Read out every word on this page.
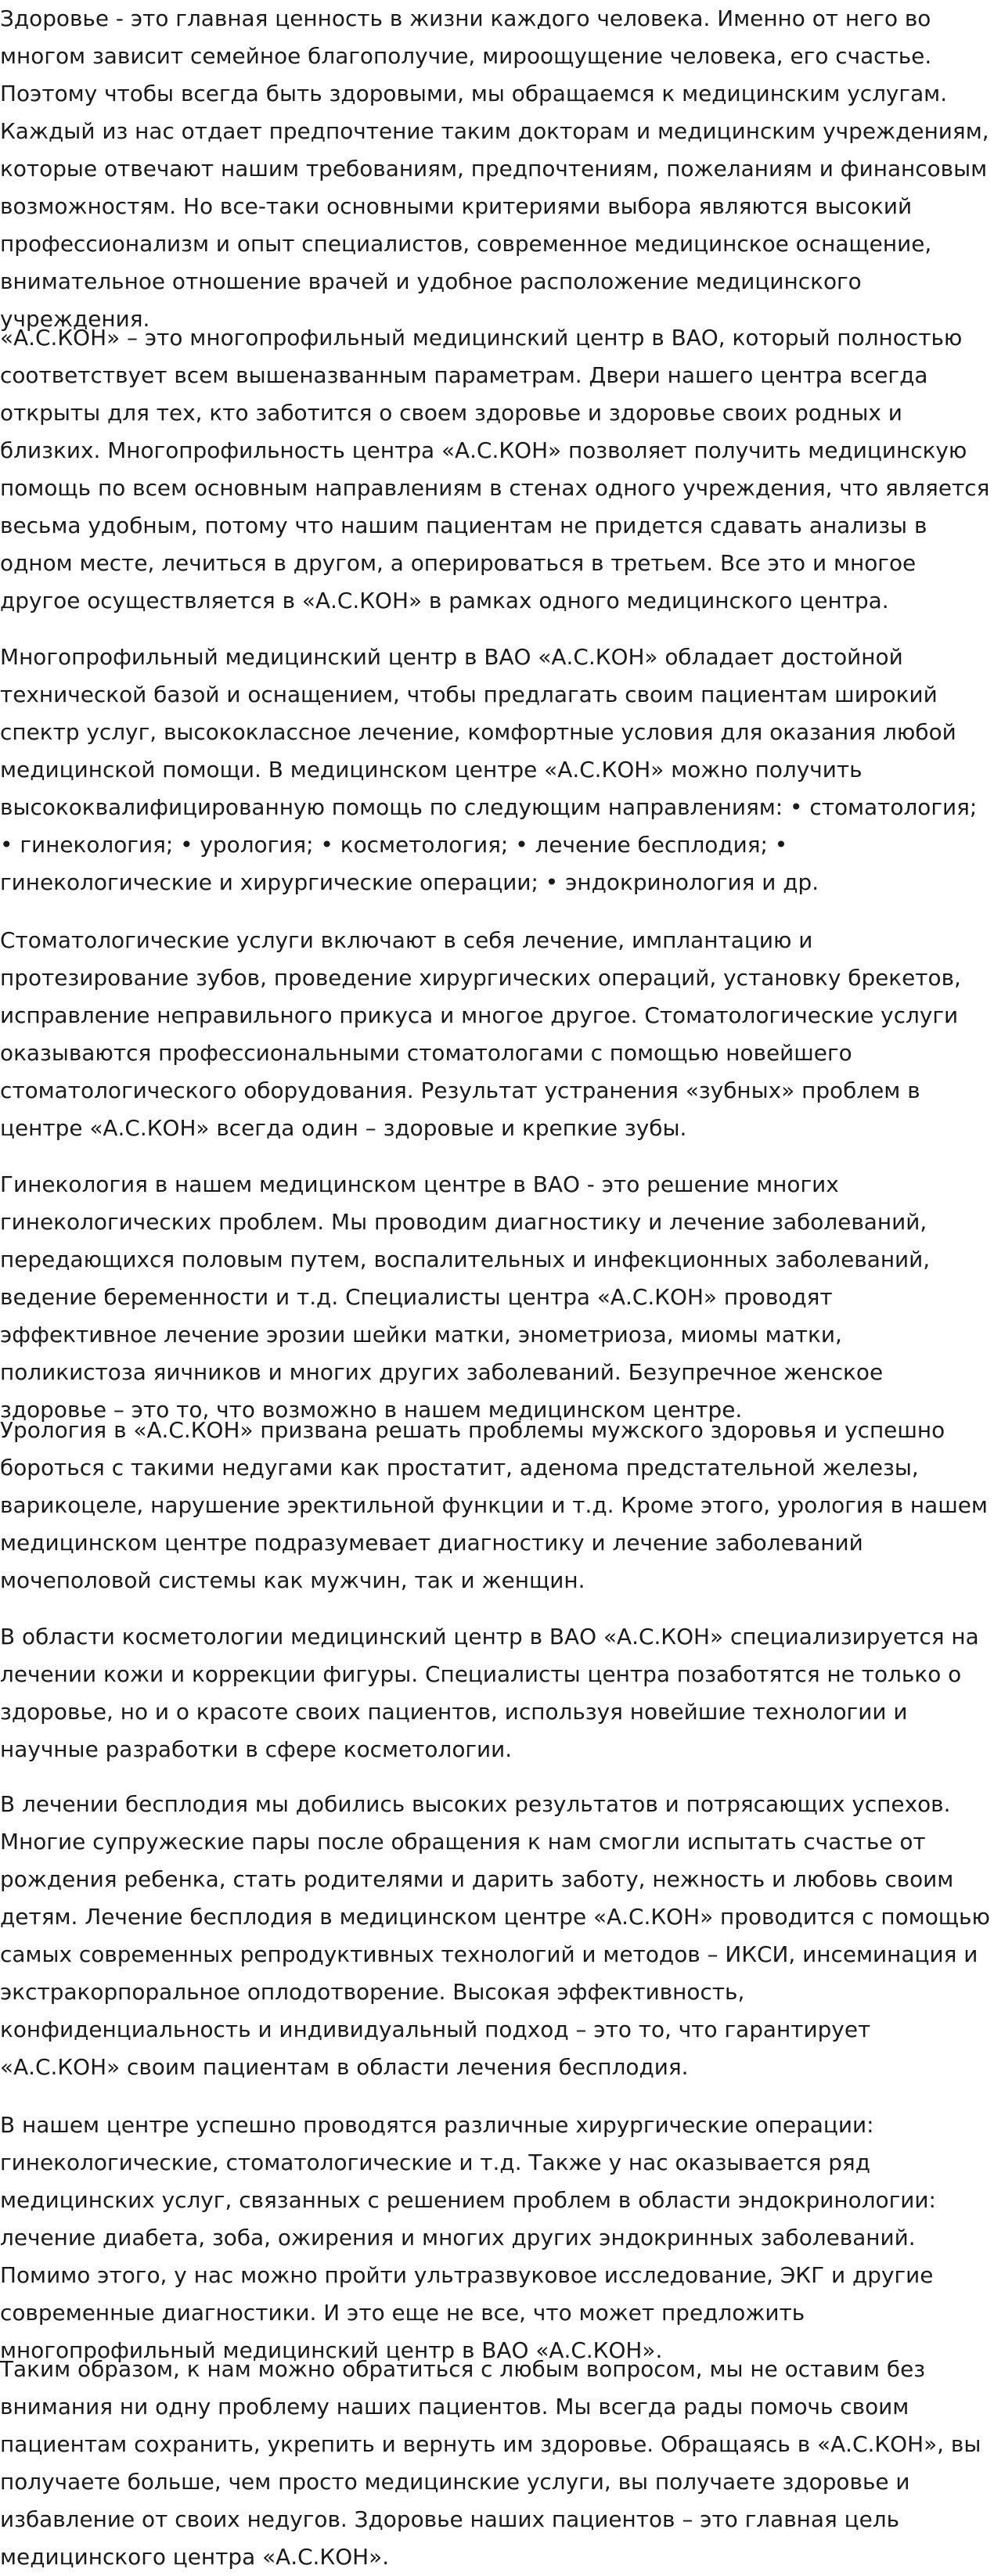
Здоровье - это главная ценность в жизни каждого человека. Именно от него во многом зависит семейное благополучие, мироощущение человека, его счастье. Поэтому чтобы всегда быть здоровыми, мы обращаемся к медицинским услугам. Каждый из нас отдает предпочтение таким докторам и медицинским учреждениям, которые отвечают нашим требованиям, предпочтениям, пожеланиям и финансовым возможностям. Но все-таки основными критериями выбора являются высокий профессионализм и опыт специалистов, современное медицинское оснащение, внимательное отношение врачей и удобное расположение медицинского учреждения.

«А.С.КОН» – это многопрофильный медицинский центр в ВАО, который полностью соответствует всем вышеназванным параметрам. Двери нашего центра всегда открыты для тех, кто заботится о своем здоровье и здоровье своих родных и близких. Многопрофильность центра «А.С.КОН» позволяет получить медицинскую помощь по всем основным направлениям в стенах одного учреждения, что является весьма удобным, потому что нашим пациентам не придется сдавать анализы в одном месте, лечиться в другом, а оперироваться в третьем. Все это и многое другое осуществляется в «А.С.КОН» в рамках одного медицинского центра.

Многопрофильный медицинский центр в ВАО «А.С.КОН» обладает достойной технической базой и оснащением, чтобы предлагать своим пациентам широкий спектр услуг, высококлассное лечение, комфортные условия для оказания любой медицинской помощи. В медицинском центре «А.С.КОН» можно получить высококвалифицированную помощь по следующим направлениям: • стоматология; • гинекология; • урология; • косметология; • лечение бесплодия; • гинекологические и хирургические операции; • эндокринология и др.

Стоматологические услуги включают в себя лечение, имплантацию и протезирование зубов, проведение хирургических операций, установку брекетов, исправление неправильного прикуса и многое другое. Стоматологические услуги оказываются профессиональными стоматологами с помощью новейшего стоматологического оборудования. Результат устранения «зубных» проблем в центре «А.С.КОН» всегда один – здоровые и крепкие зубы.

Гинекология в нашем медицинском центре в ВАО - это решение многих гинекологических проблем. Мы проводим диагностику и лечение заболеваний, передающихся половым путем, воспалительных и инфекционных заболеваний, ведение беременности и т.д. Специалисты центра «А.С.КОН» проводят эффективное лечение эрозии шейки матки, энометриоза, миомы матки, поликистоза яичников и многих других заболеваний. Безупречное женское здоровье – это то, что возможно в нашем медицинском центре.

Урология в «А.С.КОН» призвана решать проблемы мужского здоровья и успешно бороться с такими недугами как простатит, аденома предстательной железы, варикоцеле, нарушение эректильной функции и т.д. Кроме этого, урология в нашем медицинском центре подразумевает диагностику и лечение заболеваний мочеполовой системы как мужчин, так и женщин.

В области косметологии медицинский центр в ВАО «А.С.КОН» специализируется на лечении кожи и коррекции фигуры. Специалисты центра позаботятся не только о здоровье, но и о красоте своих пациентов, используя новейшие технологии и научные разработки в сфере косметологии.

В лечении бесплодия мы добились высоких результатов и потрясающих успехов. Многие супружеские пары после обращения к нам смогли испытать счастье от рождения ребенка, стать родителями и дарить заботу, нежность и любовь своим детям. Лечение бесплодия в медицинском центре «А.С.КОН» проводится с помощью самых современных репродуктивных технологий и методов – ИКСИ, инсеминация и экстракорпоральное оплодотворение. Высокая эффективность, конфиденциальность и индивидуальный подход – это то, что гарантирует «А.С.КОН» своим пациентам в области лечения бесплодия.

В нашем центре успешно проводятся различные хирургические операции: гинекологические, стоматологические и т.д. Также у нас оказывается ряд медицинских услуг, связанных с решением проблем в области эндокринологии: лечение диабета, зоба, ожирения и многих других эндокринных заболеваний. Помимо этого, у нас можно пройти ультразвуковое исследование, ЭКГ и другие современные диагностики. И это еще не все, что может предложить многопрофильный медицинский центр в ВАО «А.С.КОН».

Таким образом, к нам можно обратиться с любым вопросом, мы не оставим без внимания ни одну проблему наших пациентов. Мы всегда рады помочь своим пациентам сохранить, укрепить и вернуть им здоровье. Обращаясь в «А.С.КОН», вы получаете больше, чем просто медицинские услуги, вы получаете здоровье и избавление от своих недугов. Здоровье наших пациентов – это главная цель медицинского центра «А.С.КОН».
